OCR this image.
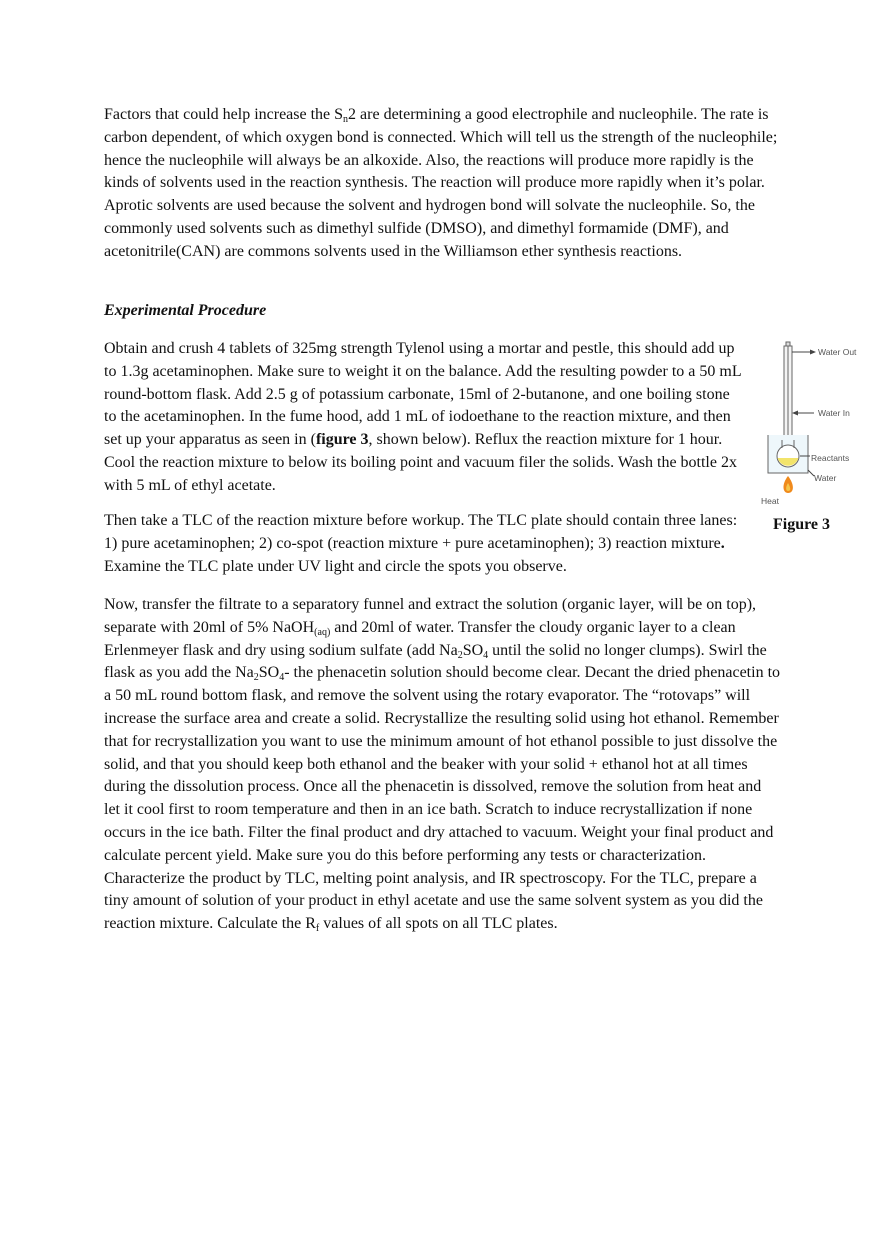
Factors that could help increase the $S_n2$ are determining a good electrophile and nucleophile. The rate is carbon dependent, of which oxygen bond is connected. Which will tell us the strength of the nucleophile; hence the nucleophile will always be an alkoxide. Also, the reactions will produce more rapidly is the kinds of solvents used in the reaction synthesis. The reaction will produce more rapidly when it’s polar. Aprotic solvents are used because the solvent and hydrogen bond will solvate the nucleophile. So, the commonly used solvents such as dimethyl sulfide (DMSO), and dimethyl formamide (DMF), and acetonitrile(CAN) are commons solvents used in the Williamson ether synthesis reactions.

Experimental Procedure

Obtain and crush 4 tablets of 325mg strength Tylenol using a mortar and pestle, this should add up to 1.3g acetaminophen. Make sure to weight it on the balance. Add the resulting powder to a 50 mL round-bottom flask. Add 2.5 g of potassium carbonate, 15ml of 2-butanone, and one boiling stone to the acetaminophen. In the fume hood, add 1 mL of iodoethane to the reaction mixture, and then set up your apparatus as seen in (figure 3, shown below). Reflux the reaction mixture for 1 hour. Cool the reaction mixture to below its boiling point and vacuum filer the solids. Wash the bottle 2x with 5 mL of ethyl acetate.

Then take a TLC of the reaction mixture before workup. The TLC plate should contain three lanes: 1) pure acetaminophen; 2) co-spot (reaction mixture + pure acetaminophen); 3) reaction mixture. Examine the TLC plate under UV light and circle the spots you observe.

Now, transfer the filtrate to a separatory funnel and extract the solution (organic layer, will be on top), separate with 20ml of 5% NaOH$_{(aq)}$ and 20ml of water. Transfer the cloudy organic layer to a clean Erlenmeyer flask and dry using sodium sulfate (add $Na_2SO_4$ until the solid no longer clumps). Swirl the flask as you add the $Na_2SO_4-$ the phenacetin solution should become clear. Decant the dried phenacetin to a 50 mL round bottom flask, and remove the solvent using the rotary evaporator. The “rotovaps” will increase the surface area and create a solid. Recrystallize the resulting solid using hot ethanol. Remember that for recrystallization you want to use the minimum amount of hot ethanol possible to just dissolve the solid, and that you should keep both ethanol and the beaker with your solid + ethanol hot at all times during the dissolution process. Once all the phenacetin is dissolved, remove the solution from heat and let it cool first to room temperature and then in an ice bath. Scratch to induce recrystallization if none occurs in the ice bath. Filter the final product and dry attached to vacuum. Weight your final product and calculate percent yield. Make sure you do this before performing any tests or characterization. Characterize the product by TLC, melting point analysis, and IR spectroscopy. For the TLC, prepare a tiny amount of solution of your product in ethyl acetate and use the same solvent system as you did the reaction mixture. Calculate the $R_f$ values of all spots on all TLC plates.

Water Out
Water In
Reactants
Water
Heat
Figure 3
